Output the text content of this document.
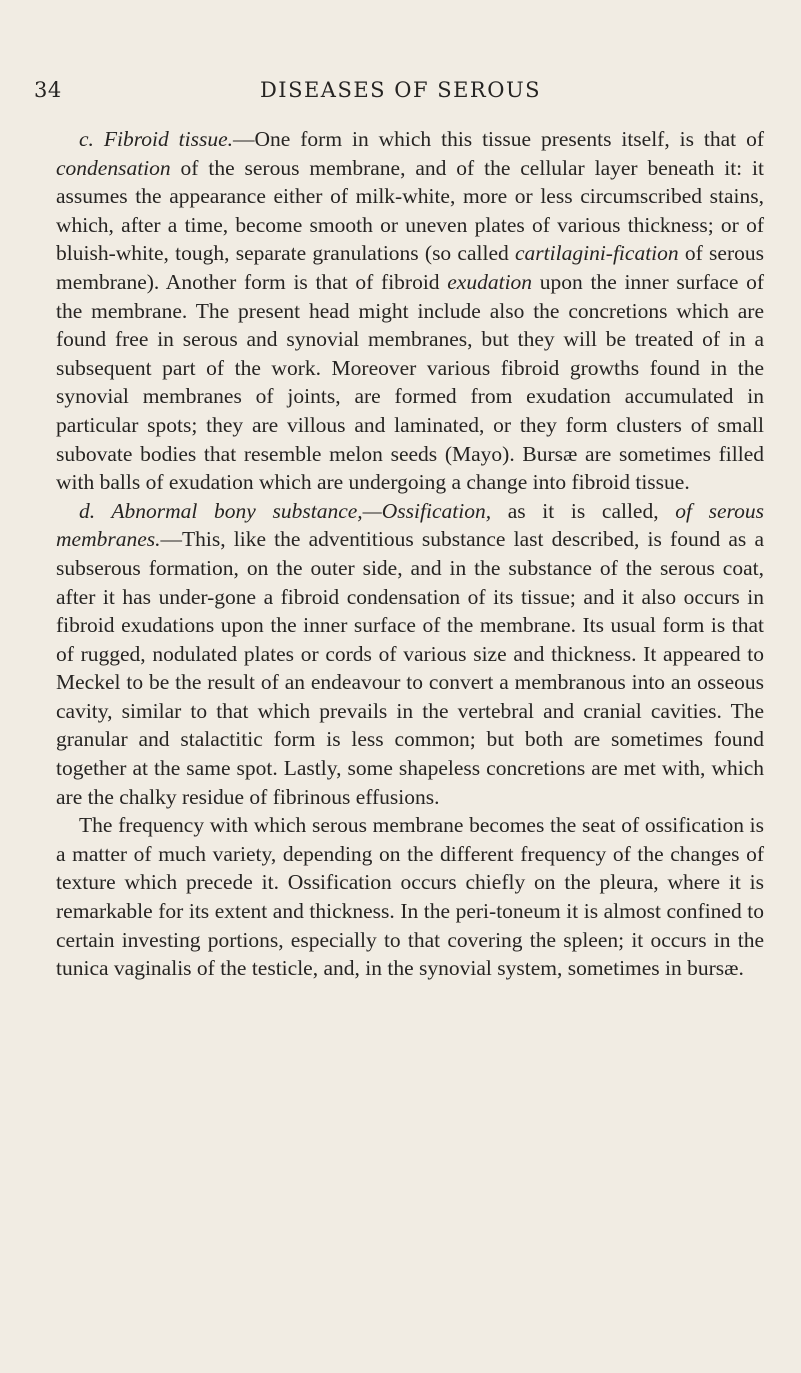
34	DISEASES OF SEROUS

c. Fibroid tissue.—One form in which this tissue presents itself, is that of condensation of the serous membrane, and of the cellular layer beneath it: it assumes the appearance either of milk-white, more or less circumscribed stains, which, after a time, become smooth or uneven plates of various thickness; or of bluish-white, tough, separate granulations (so called cartilagini-fication of serous membrane). Another form is that of fibroid exudation upon the inner surface of the membrane. The present head might include also the concretions which are found free in serous and synovial membranes, but they will be treated of in a subsequent part of the work. Moreover various fibroid growths found in the synovial membranes of joints, are formed from exudation accumulated in particular spots; they are villous and laminated, or they form clusters of small subovate bodies that resemble melon seeds (Mayo). Bursæ are sometimes filled with balls of exudation which are undergoing a change into fibroid tissue.

d. Abnormal bony substance,—Ossification, as it is called, of serous membranes.—This, like the adventitious substance last described, is found as a subserous formation, on the outer side, and in the substance of the serous coat, after it has under-gone a fibroid condensation of its tissue; and it also occurs in fibroid exudations upon the inner surface of the membrane. Its usual form is that of rugged, nodulated plates or cords of various size and thickness. It appeared to Meckel to be the result of an endeavour to convert a membranous into an osseous cavity, similar to that which prevails in the vertebral and cranial cavities. The granular and stalactitic form is less common; but both are sometimes found together at the same spot. Lastly, some shapeless concretions are met with, which are the chalky residue of fibrinous effusions.

The frequency with which serous membrane becomes the seat of ossification is a matter of much variety, depending on the different frequency of the changes of texture which precede it. Ossification occurs chiefly on the pleura, where it is remarkable for its extent and thickness. In the peri-toneum it is almost confined to certain investing portions, especially to that covering the spleen; it occurs in the tunica vaginalis of the testicle, and, in the synovial system, sometimes in bursæ.
